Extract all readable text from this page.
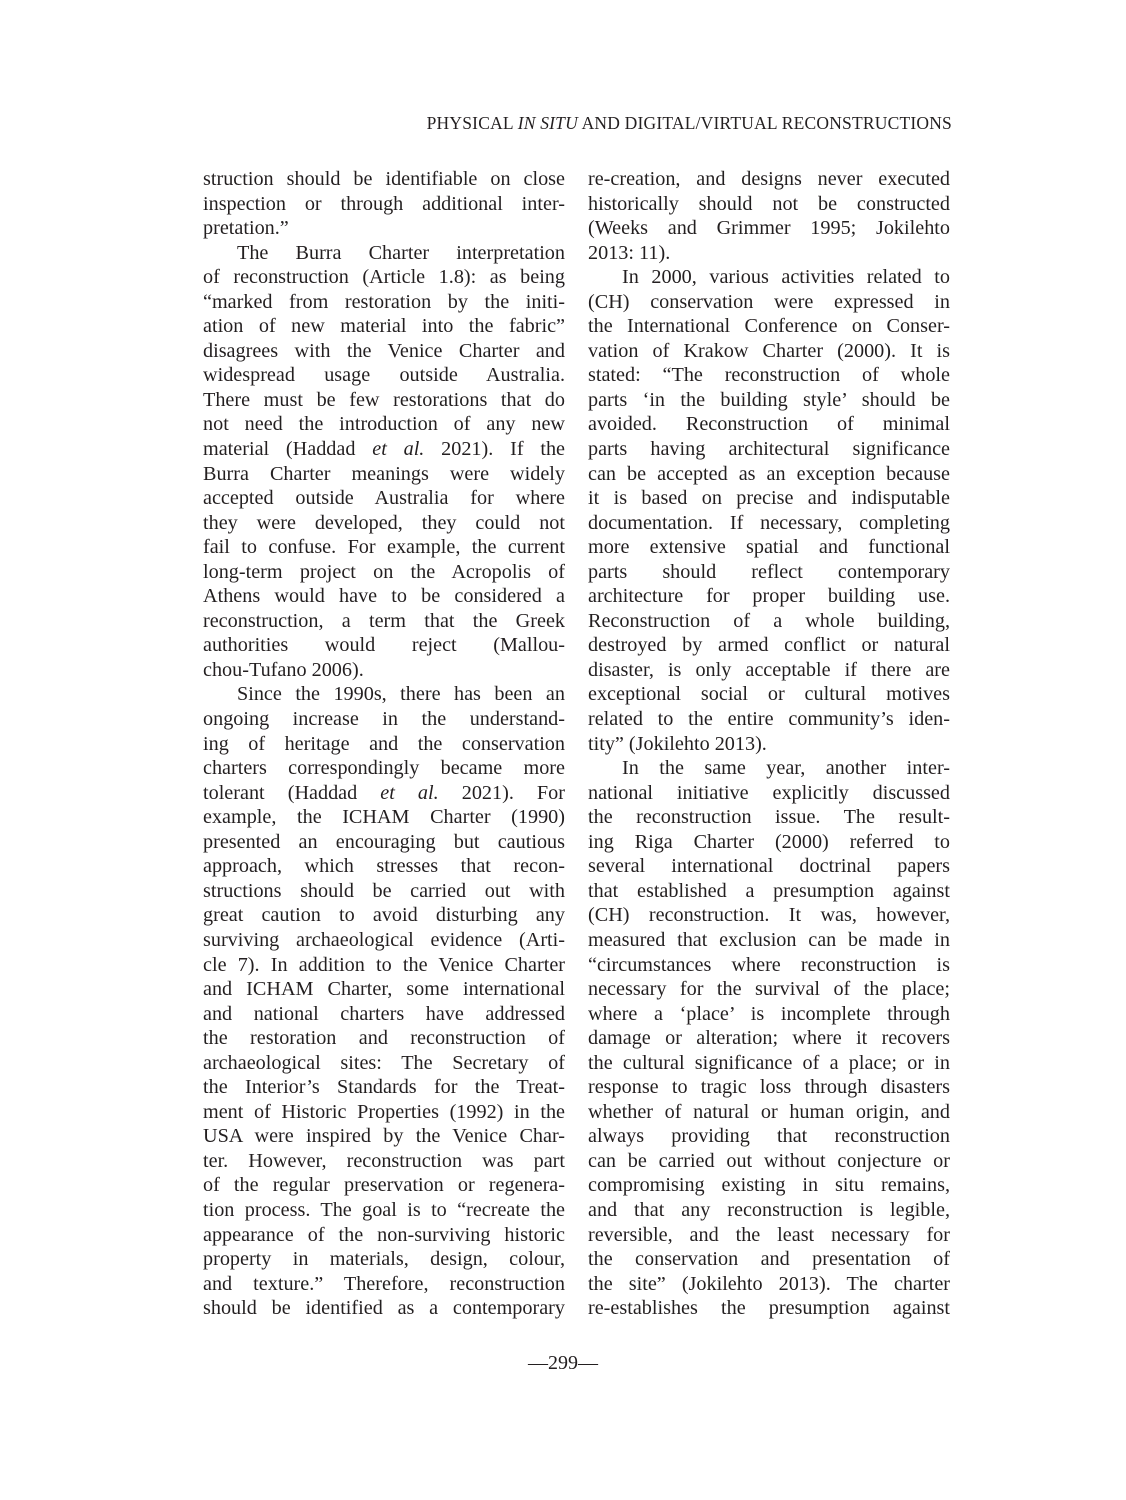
PHYSICAL IN SITU AND DIGITAL/VIRTUAL RECONSTRUCTIONS
struction should be identifiable on close
inspection or through additional inter-
pretation.”
The Burra Charter interpretation
of reconstruction (Article 1.8): as being
“marked from restoration by the initi-
ation of new material into the fabric”
disagrees with the Venice Charter and
widespread usage outside Australia.
There must be few restorations that do
not need the introduction of any new
material (Haddad et al. 2021). If the
Burra Charter meanings were widely
accepted outside Australia for where
they were developed, they could not
fail to confuse. For example, the current
long-term project on the Acropolis of
Athens would have to be considered a
reconstruction, a term that the Greek
authorities would reject (Mallou-
chou-Tufano 2006).
Since the 1990s, there has been an
ongoing increase in the understand-
ing of heritage and the conservation
charters correspondingly became more
tolerant (Haddad et al. 2021). For
example, the ICHAM Charter (1990)
presented an encouraging but cautious
approach, which stresses that recon-
structions should be carried out with
great caution to avoid disturbing any
surviving archaeological evidence (Arti-
cle 7). In addition to the Venice Charter
and ICHAM Charter, some international
and national charters have addressed
the restoration and reconstruction of
archaeological sites: The Secretary of
the Interior’s Standards for the Treat-
ment of Historic Properties (1992) in the
USA were inspired by the Venice Char-
ter. However, reconstruction was part
of the regular preservation or regenera-
tion process. The goal is to “recreate the
appearance of the non-surviving historic
property in materials, design, colour,
and texture.” Therefore, reconstruction
should be identified as a contemporary
re-creation, and designs never executed
historically should not be constructed
(Weeks and Grimmer 1995; Jokilehto
2013: 11).
In 2000, various activities related to
(CH) conservation were expressed in
the International Conference on Conser-
vation of Krakow Charter (2000). It is
stated: “The reconstruction of whole
parts ‘in the building style’ should be
avoided. Reconstruction of minimal
parts having architectural significance
can be accepted as an exception because
it is based on precise and indisputable
documentation. If necessary, completing
more extensive spatial and functional
parts should reflect contemporary
architecture for proper building use.
Reconstruction of a whole building,
destroyed by armed conflict or natural
disaster, is only acceptable if there are
exceptional social or cultural motives
related to the entire community’s iden-
tity” (Jokilehto 2013).
In the same year, another inter-
national initiative explicitly discussed
the reconstruction issue. The result-
ing Riga Charter (2000) referred to
several international doctrinal papers
that established a presumption against
(CH) reconstruction. It was, however,
measured that exclusion can be made in
“circumstances where reconstruction is
necessary for the survival of the place;
where a ‘place’ is incomplete through
damage or alteration; where it recovers
the cultural significance of a place; or in
response to tragic loss through disasters
whether of natural or human origin, and
always providing that reconstruction
can be carried out without conjecture or
compromising existing in situ remains,
and that any reconstruction is legible,
reversible, and the least necessary for
the conservation and presentation of
the site” (Jokilehto 2013). The charter
re-establishes the presumption against
—299—
